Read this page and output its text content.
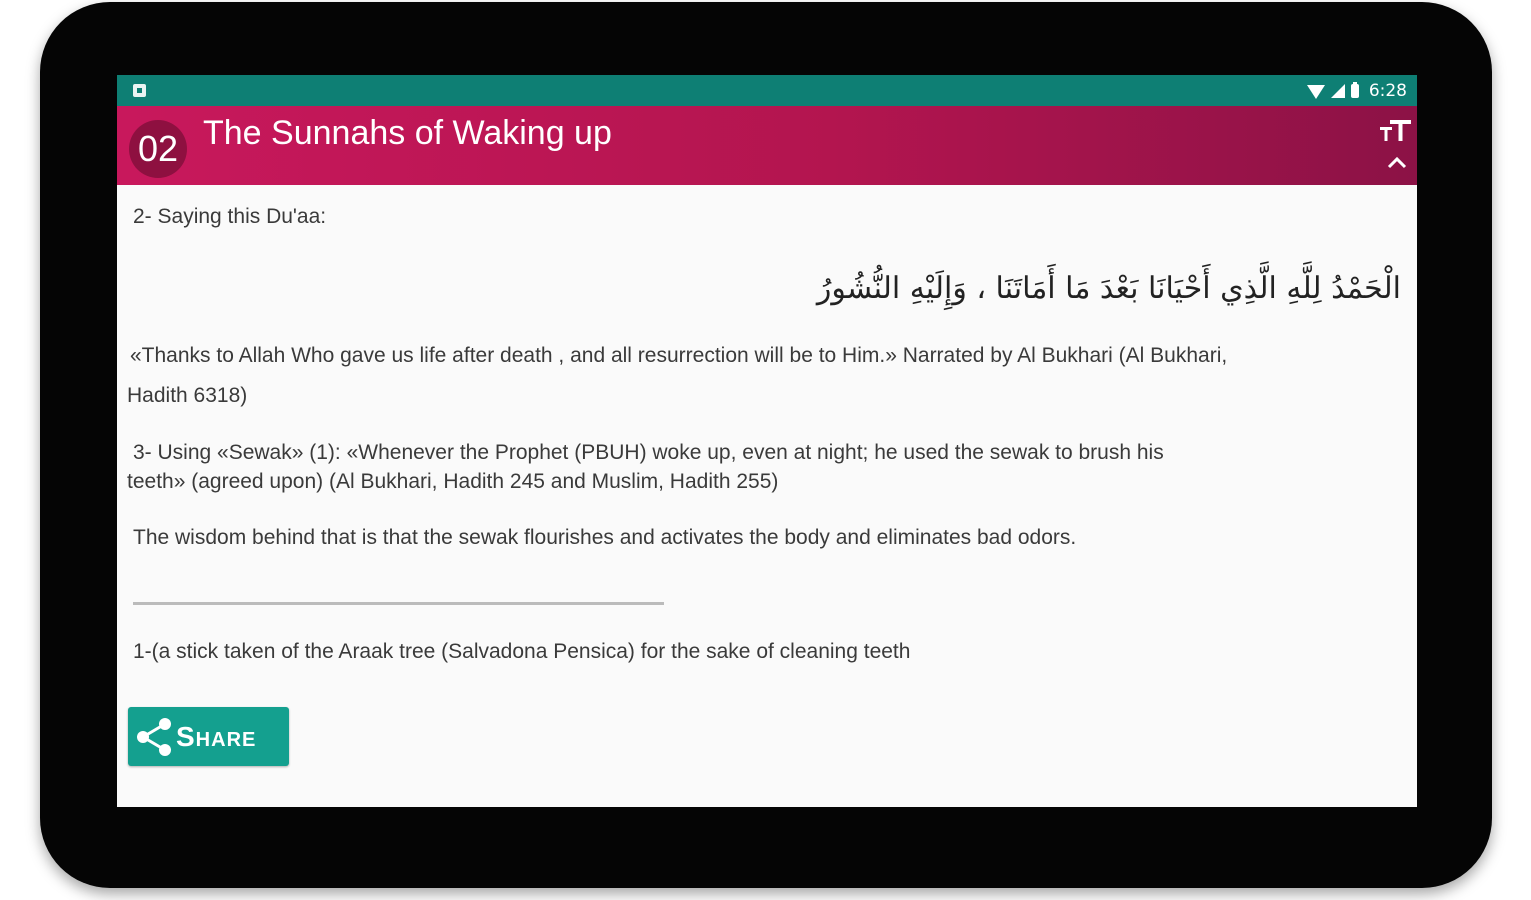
6:28
02 The Sunnahs of Waking up
2- Saying this Du'aa:
الْحَمْدُ لِلَّهِ الَّذِي أَحْيَانَا بَعْدَ مَا أَمَاتَنَا ، وَإِلَيْهِ النُّشُورُ
«Thanks to Allah Who gave us life after death , and all resurrection will be to Him.» Narrated by Al Bukhari (Al Bukhari,
Hadith 6318)
3- Using «Sewak» (1): «Whenever the Prophet (PBUH) woke up, even at night; he used the sewak to brush his
teeth» (agreed upon) (Al Bukhari, Hadith 245 and Muslim, Hadith 255)
The wisdom behind that is that the sewak flourishes and activates the body and eliminates bad odors.
1-(a stick taken of the Araak tree (Salvadona Pensica) for the sake of cleaning teeth
Share
